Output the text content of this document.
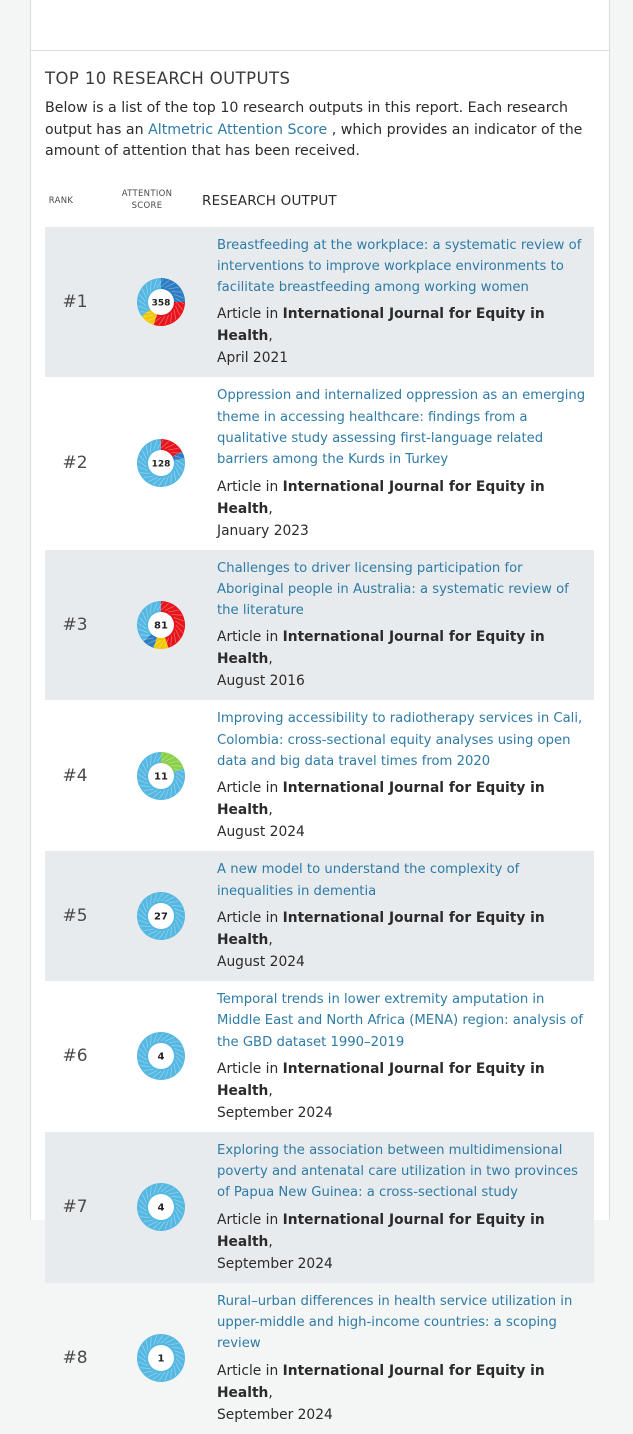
TOP 10 RESEARCH OUTPUTS
Below is a list of the top 10 research outputs in this report. Each research output has an Altmetric Attention Score , which provides an indicator of the amount of attention that has been received.
RANK
ATTENTION
SCORE	RESEARCH OUTPUT
#1	358
Breastfeeding at the workplace: a systematic review of interventions to improve workplace environments to facilitate breastfeeding among working women
Article in International Journal for Equity in Health,
April 2021
#2	128
Oppression and internalized oppression as an emerging theme in accessing healthcare: findings from a qualitative study assessing first-language related barriers among the Kurds in Turkey
Article in International Journal for Equity in Health,
January 2023
#3	81
Challenges to driver licensing participation for Aboriginal people in Australia: a systematic review of the literature
Article in International Journal for Equity in Health,
August 2016
#4	11
Improving accessibility to radiotherapy services in Cali, Colombia: cross-sectional equity analyses using open data and big data travel times from 2020
Article in International Journal for Equity in Health,
August 2024
#5	27
A new model to understand the complexity of inequalities in dementia
Article in International Journal for Equity in Health,
August 2024
#6	4
Temporal trends in lower extremity amputation in Middle East and North Africa (MENA) region: analysis of the GBD dataset 1990–2019
Article in International Journal for Equity in Health,
September 2024
#7	4
Exploring the association between multidimensional poverty and antenatal care utilization in two provinces of Papua New Guinea: a cross-sectional study
Article in International Journal for Equity in Health,
September 2024
#8	1
Rural–urban differences in health service utilization in upper-middle and high-income countries: a scoping review
Article in International Journal for Equity in Health,
September 2024
